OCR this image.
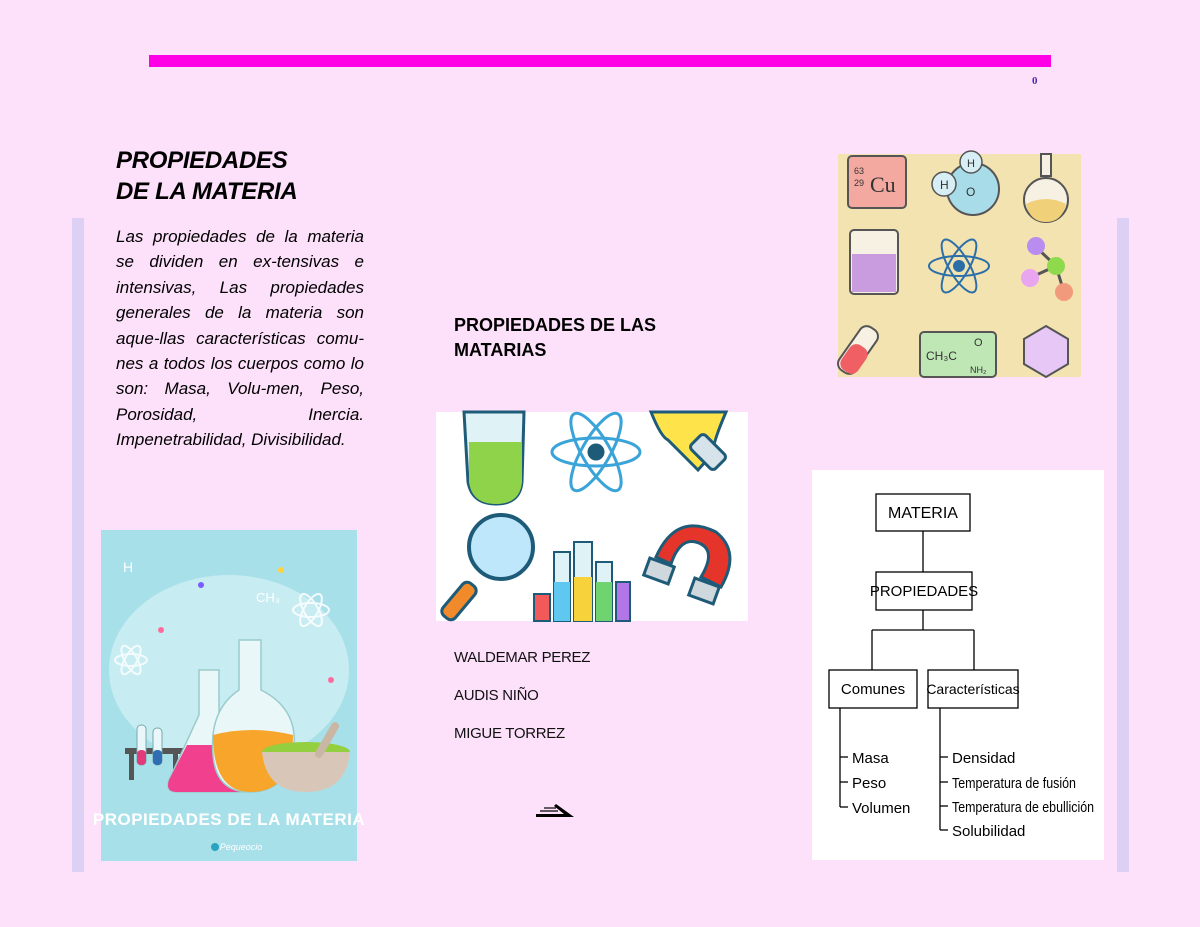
0
PROPIEDADES
DE LA MATERIA

Las propiedades de la materia se dividen en ex-tensivas e intensivas, Las propiedades generales de la materia son aque-llas características comu-nes a todos los cuerpos como lo son: Masa, Volu-men, Peso, Porosidad, Inercia. Impenetrabilidad, Divisibilidad.

H
CH₃
PROPIEDADES DE LA MATERIA
Pequeocio
PROPIEDADES DE LAS
MATARIAS
WALDEMAR PEREZ
AUDIS NIÑO
MIGUE TORREZ
63
29 Cu	H
H
O
CH₃C
O
NH₂
MATERIA
PROPIEDADES
Comunes Características
Masa
Peso
Volumen
Densidad
Temperatura de fusión
Temperatura de ebullición
Solubilidad
